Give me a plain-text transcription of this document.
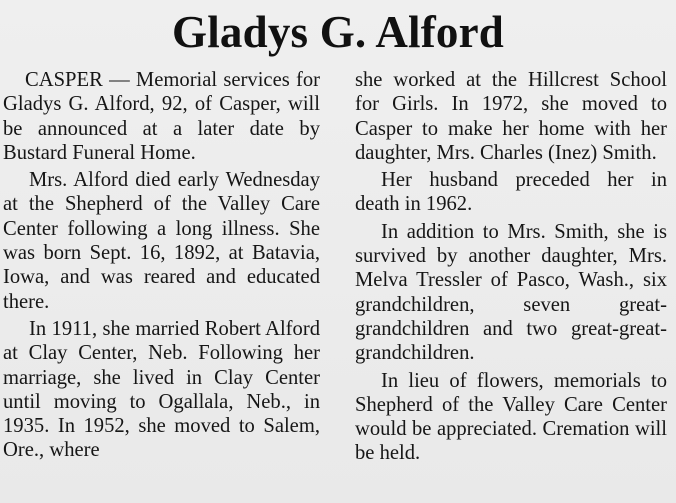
Gladys G. Alford

CASPER — Memorial services for Gladys G. Alford, 92, of Casper, will be announced at a later date by Bustard Funeral Home.

Mrs. Alford died early Wednesday at the Shepherd of the Valley Care Center following a long illness. She was born Sept. 16, 1892, at Batavia, Iowa, and was reared and educated there.

In 1911, she married Robert Alford at Clay Center, Neb. Following her marriage, she lived in Clay Center until moving to Ogallala, Neb., in 1935. In 1952, she moved to Salem, Ore., where

she worked at the Hillcrest School for Girls. In 1972, she moved to Casper to make her home with her daughter, Mrs. Charles (Inez) Smith.

Her husband preceded her in death in 1962.

In addition to Mrs. Smith, she is survived by another daughter, Mrs. Melva Tressler of Pasco, Wash., six grandchildren, seven great-grandchildren and two great-great-grandchildren.

In lieu of flowers, memorials to Shepherd of the Valley Care Center would be appreciated. Cremation will be held.
